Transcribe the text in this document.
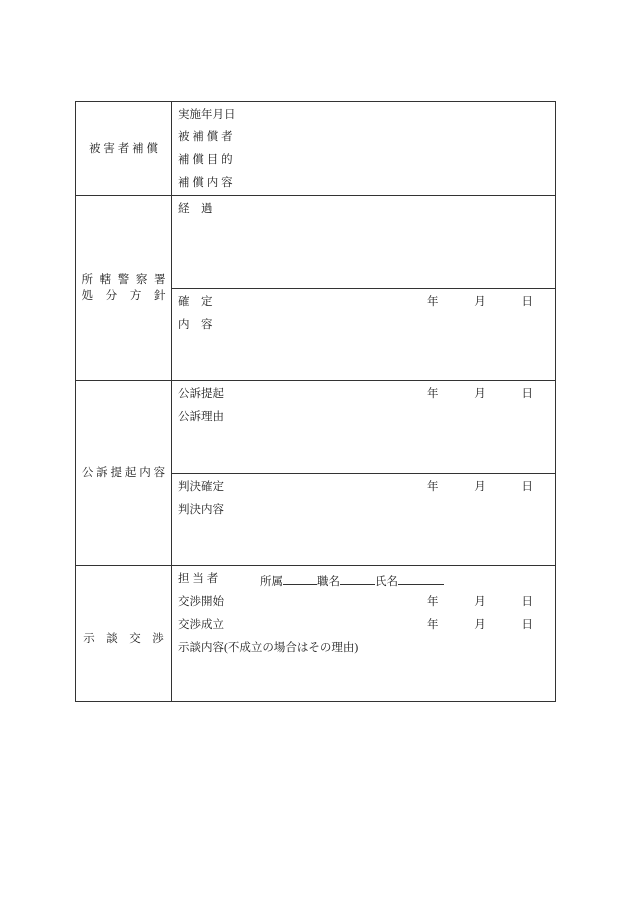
被 害 者 補 償
実施年月日
被 補 償 者
補 償 目 的
補 償 内 容
所 轄 警 察 署
処  分  方  針
経　過
確　定	年	月	日
内　容
公 訴 提 起 内 容
公訴提起	年	月	日
公訴理由
判決確定	年	月	日
判決内容
示　談　交　渉
担 当 者	所属	職名	氏名
交渉開始	年	月	日
交渉成立	年	月	日
示談内容(不成立の場合はその理由)
